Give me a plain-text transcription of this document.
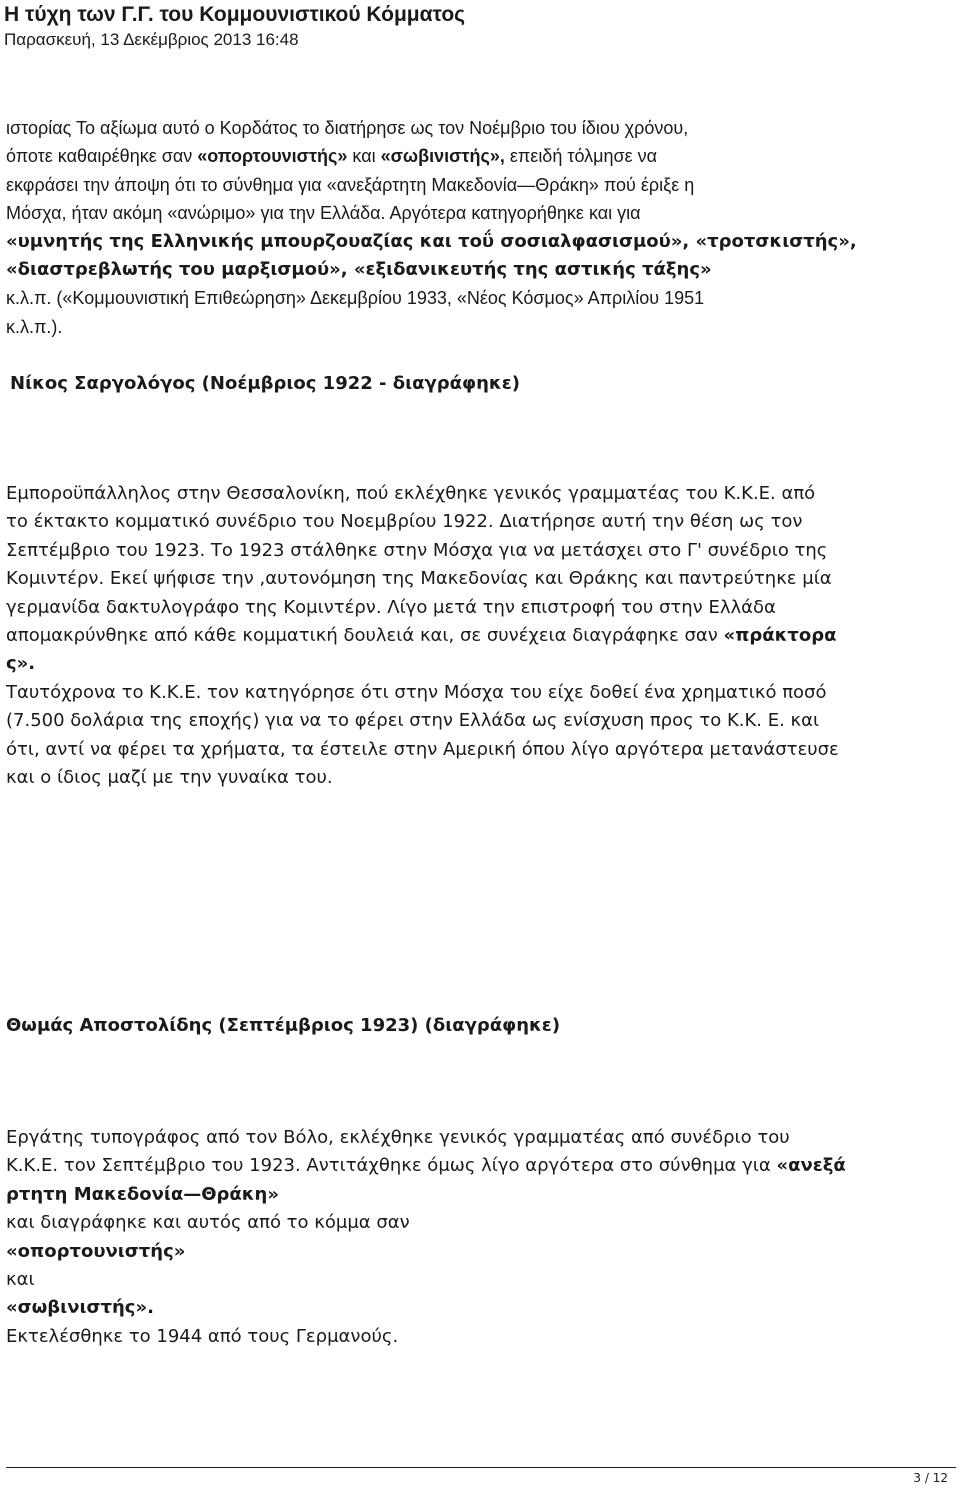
Η τύχη των Γ.Γ. του Κομμουνιστικού Κόμματος
Παρασκευή, 13 Δεκέμβριος 2013 16:48

ιστορίας Το αξίωμα αυτό ο Κορδάτος το διατήρησε ως τον Νοέμβριο του ίδιου χρόνου,

όποτε καθαιρέθηκε σαν «οπορτουνιστής» και «σωβινιστής», επειδή τόλμησε να

εκφράσει την άποψη ότι το σύνθημα για «ανεξάρτητη Μακεδονία—Θράκη» πού έριξε η

Μόσχα, ήταν ακόμη «ανώριμο» για την Ελλάδα. Αργότερα κατηγορήθηκε και για

«υμνητής της Ελληνικής μπουρζουαζίας και τοΰ σοσιαλφασισμού», «τροτσκιστής»,

«διαστρεβλωτής του μαρξισμού», «εξιδανικευτής της αστικής τάξης»

κ.λ.π. («Κομμουνιστική Επιθεώρηση» Δεκεμβρίου 1933, «Νέος Κόσμος» Απριλίου 1951

κ.λ.π.).

Νίκος Σαργολόγος (Νοέμβριος 1922 - διαγράφηκε)

Εμποροϋπάλληλος στην Θεσσαλονίκη, πού εκλέχθηκε γενικός γραμματέας του Κ.Κ.Ε. από

το έκτακτο κομματικό συνέδριο του Νοεμβρίου 1922. Διατήρησε αυτή την θέση ως τον

Σεπτέμβριο του 1923. Το 1923 στάλθηκε στην Μόσχα για να μετάσχει στο Γ' συνέδριο της

Κομιντέρν. Εκεί ψήφισε την ,αυτονόμηση της Μακεδονίας και Θράκης και παντρεύτηκε μία

γερμανίδα δακτυλογράφο της Κομιντέρν. Λίγο μετά την επιστροφή του στην Ελλάδα

απομακρύνθηκε από κάθε κομματική δουλειά και, σε συνέχεια διαγράφηκε σαν «πράκτορα

ς».

Ταυτόχρονα το Κ.Κ.Ε. τον κατηγόρησε ότι στην Μόσχα του είχε δοθεί ένα χρηματικό ποσό

(7.500 δολάρια της εποχής) για να το φέρει στην Ελλάδα ως ενίσχυση προς το Κ.Κ. Ε. και

ότι, αντί να φέρει τα χρήματα, τα έστειλε στην Αμερική όπου λίγο αργότερα μετανάστευσε

και ο ίδιος μαζί με την γυναίκα του.

Θωμάς Αποστολίδης (Σεπτέμβριος 1923) (διαγράφηκε)

Εργάτης τυπογράφος από τον Βόλο, εκλέχθηκε γενικός γραμματέας από συνέδριο του

Κ.Κ.Ε. τον Σεπτέμβριο του 1923. Αντιτάχθηκε όμως λίγο αργότερα στο σύνθημα για «ανεξά

ρτητη Μακεδονία—Θράκη»

και διαγράφηκε και αυτός από το κόμμα σαν

«οπορτουνιστής»

και

«σωβινιστής».

Εκτελέσθηκε το 1944 από τους Γερμανούς.

3 / 12
